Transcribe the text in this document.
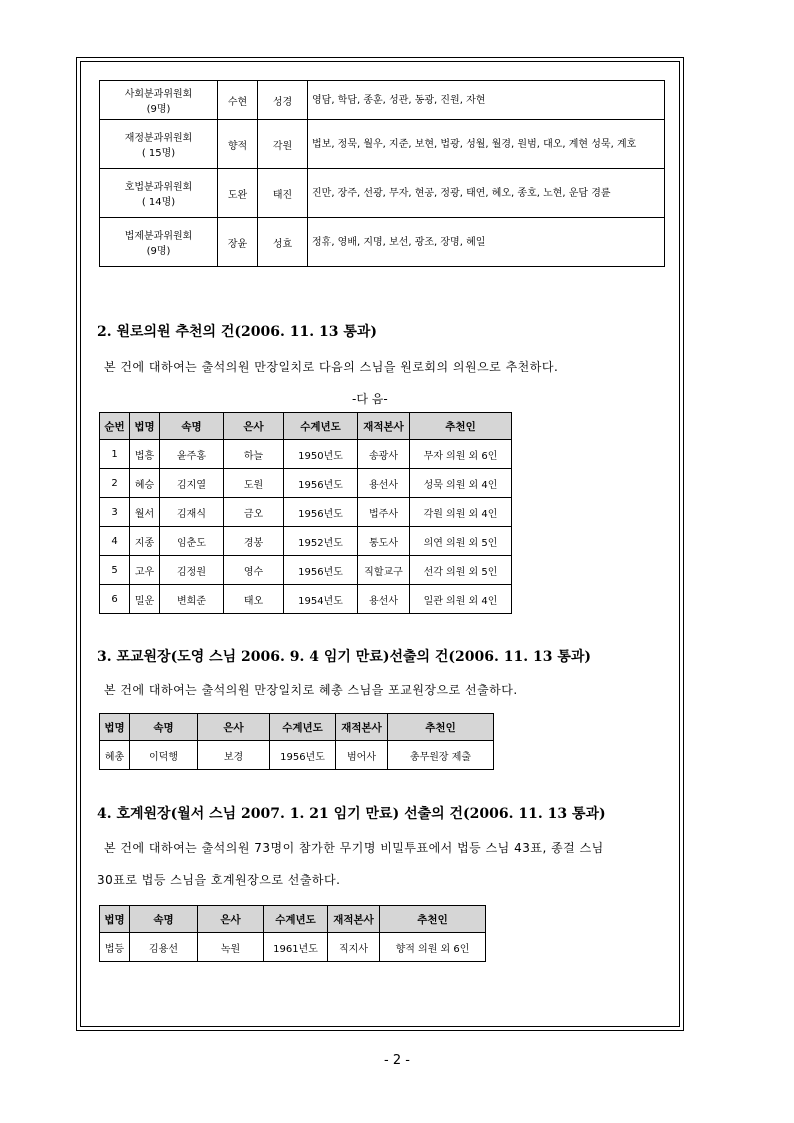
사회분과위원회
(9명)	수현	성경	영담, 학담, 종훈, 성관, 동광, 진원, 자현
재정분과위원회
( 15명)	향적	각원	법보, 정묵, 월우, 지준, 보현, 법광, 성월, 월경, 원범, 대오, 계현 성묵, 계호
호법분과위원회
( 14명)	도완	태진	진만, 장주, 선광, 무자, 현공, 정광, 태연, 혜오, 종호, 노현, 운담 경륜
법제분과위원회
(9명)	장윤	성효	정휴, 영배, 지명, 보선, 광조, 장명, 혜일
2. 원로의원 추천의 건(2006. 11. 13 통과)
본 건에 대하여는 출석의원 만장일치로 다음의 스님을 원로회의 의원으로 추천하다.
-다 음-
순번	법명	속명	은사	수계년도	재적본사	추천인
1	법흥	윤주홍	하늘	1950년도	송광사	무자 의원 외 6인
2	혜승	김지열	도원	1956년도	용선사	성묵 의원 외 4인
3	월서	김재식	금오	1956년도	법주사	각원 의원 외 4인
4	지종	임춘도	경봉	1952년도	통도사	의연 의원 외 5인
5	고우	김정원	영수	1956년도	직할교구	선각 의원 외 5인
6	밀운	변희준	태오	1954년도	용선사	일관 의원 외 4인
3. 포교원장(도영 스님 2006. 9. 4 임기 만료)선출의 건(2006. 11. 13 통과)
본 건에 대하여는 출석의원 만장일치로 혜총 스님을 포교원장으로 선출하다.
법명	속명	은사	수계년도	재적본사	추천인
혜총	이덕행	보경	1956년도	범어사	총무원장 제출
4. 호계원장(월서 스님 2007. 1. 21 임기 만료) 선출의 건(2006. 11. 13 통과)
본 건에 대하여는 출석의원 73명이 참가한 무기명 비밀투표에서 법등 스님 43표, 종걸 스님
30표로 법등 스님을 호계원장으로 선출하다.
법명	속명	은사	수계년도	재적본사	추천인
법등	김용선	녹원	1961년도	직지사	향적 의원 외 6인
- 2 -
